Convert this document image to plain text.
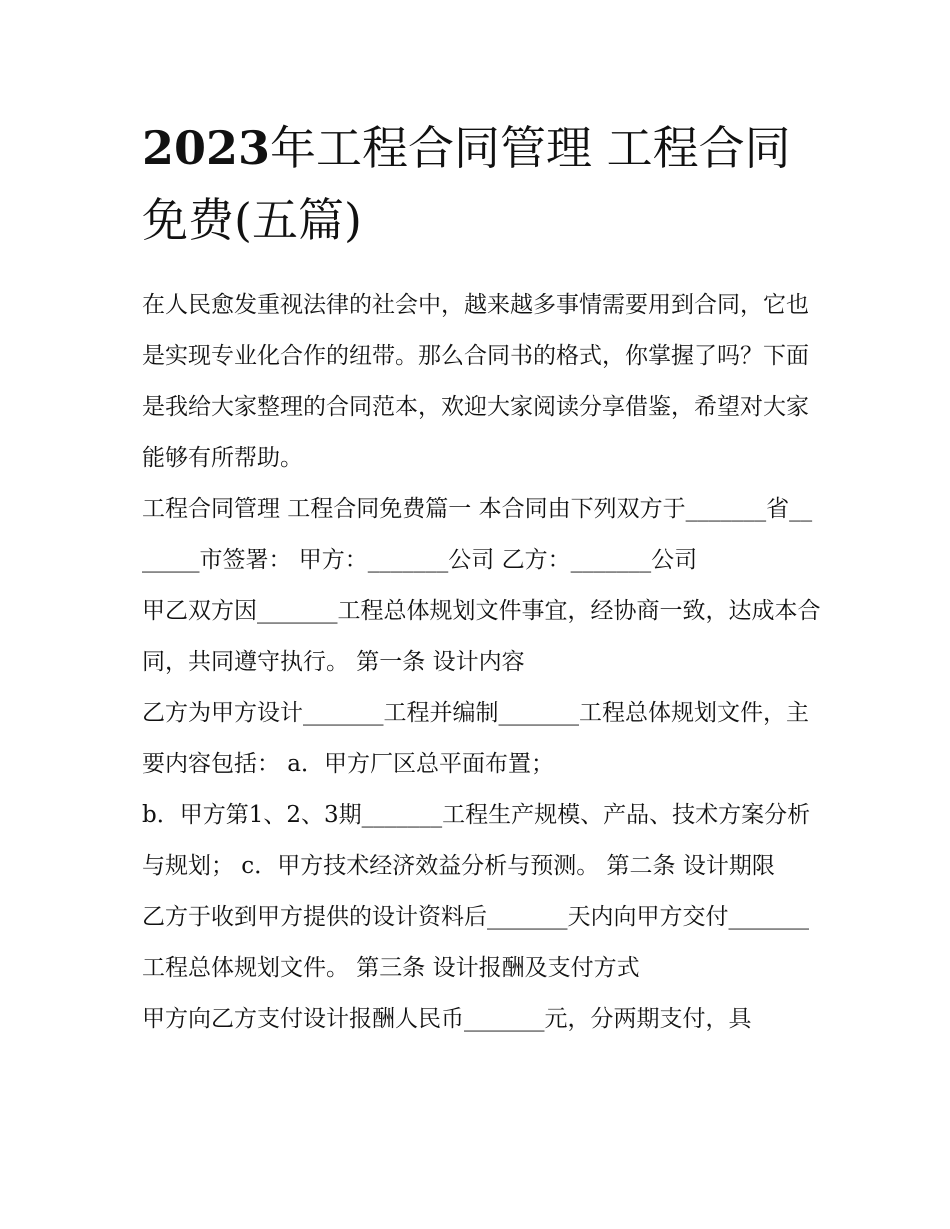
2023年工程合同管理 工程合同免费(五篇)

在人民愈发重视法律的社会中，越来越多事情需要用到合同，它也是实现专业化合作的纽带。那么合同书的格式，你掌握了吗？下面是我给大家整理的合同范本，欢迎大家阅读分享借鉴，希望对大家能够有所帮助。

工程合同管理 工程合同免费篇一 本合同由下列双方于_______省_______市签署： 甲方：_______公司 乙方：_______公司

甲乙双方因_______工程总体规划文件事宜，经协商一致，达成本合同，共同遵守执行。 第一条 设计内容

乙方为甲方设计_______工程并编制_______工程总体规划文件，主要内容包括： a．甲方厂区总平面布置；

b．甲方第1、2、3期_______工程生产规模、产品、技术方案分析与规划； c．甲方技术经济效益分析与预测。 第二条 设计期限

乙方于收到甲方提供的设计资料后_______天内向甲方交付_______工程总体规划文件。 第三条 设计报酬及支付方式

甲方向乙方支付设计报酬人民币_______元，分两期支付，具
